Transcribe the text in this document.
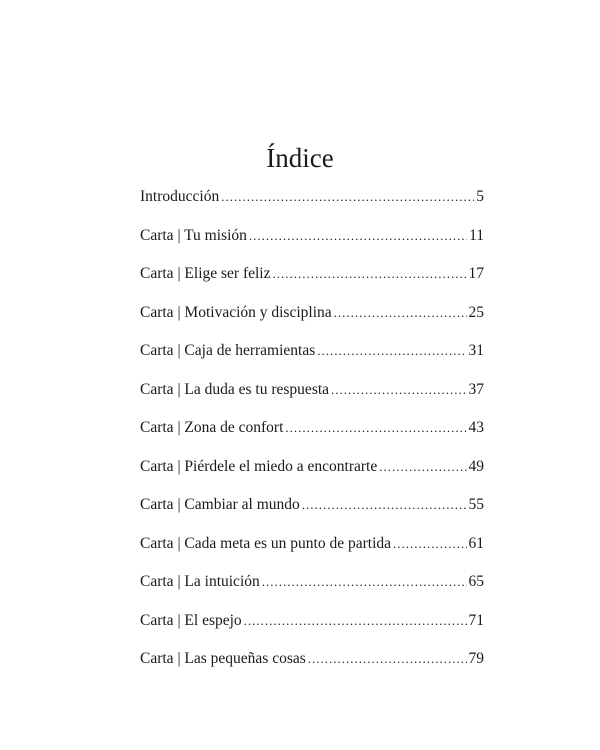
Índice
Introducción .....	5
Carta | Tu misión .....	11
Carta | Elige ser feliz .....	17
Carta | Motivación y disciplina .....	25
Carta | Caja de herramientas .....	31
Carta | La duda es tu respuesta .....	37
Carta | Zona de confort .....	43
Carta | Piérdele el miedo a encontrarte .....	49
Carta | Cambiar al mundo .....	55
Carta | Cada meta es un punto de partida .....	61
Carta | La intuición .....	65
Carta | El espejo .....	71
Carta | Las pequeñas cosas .....	79
